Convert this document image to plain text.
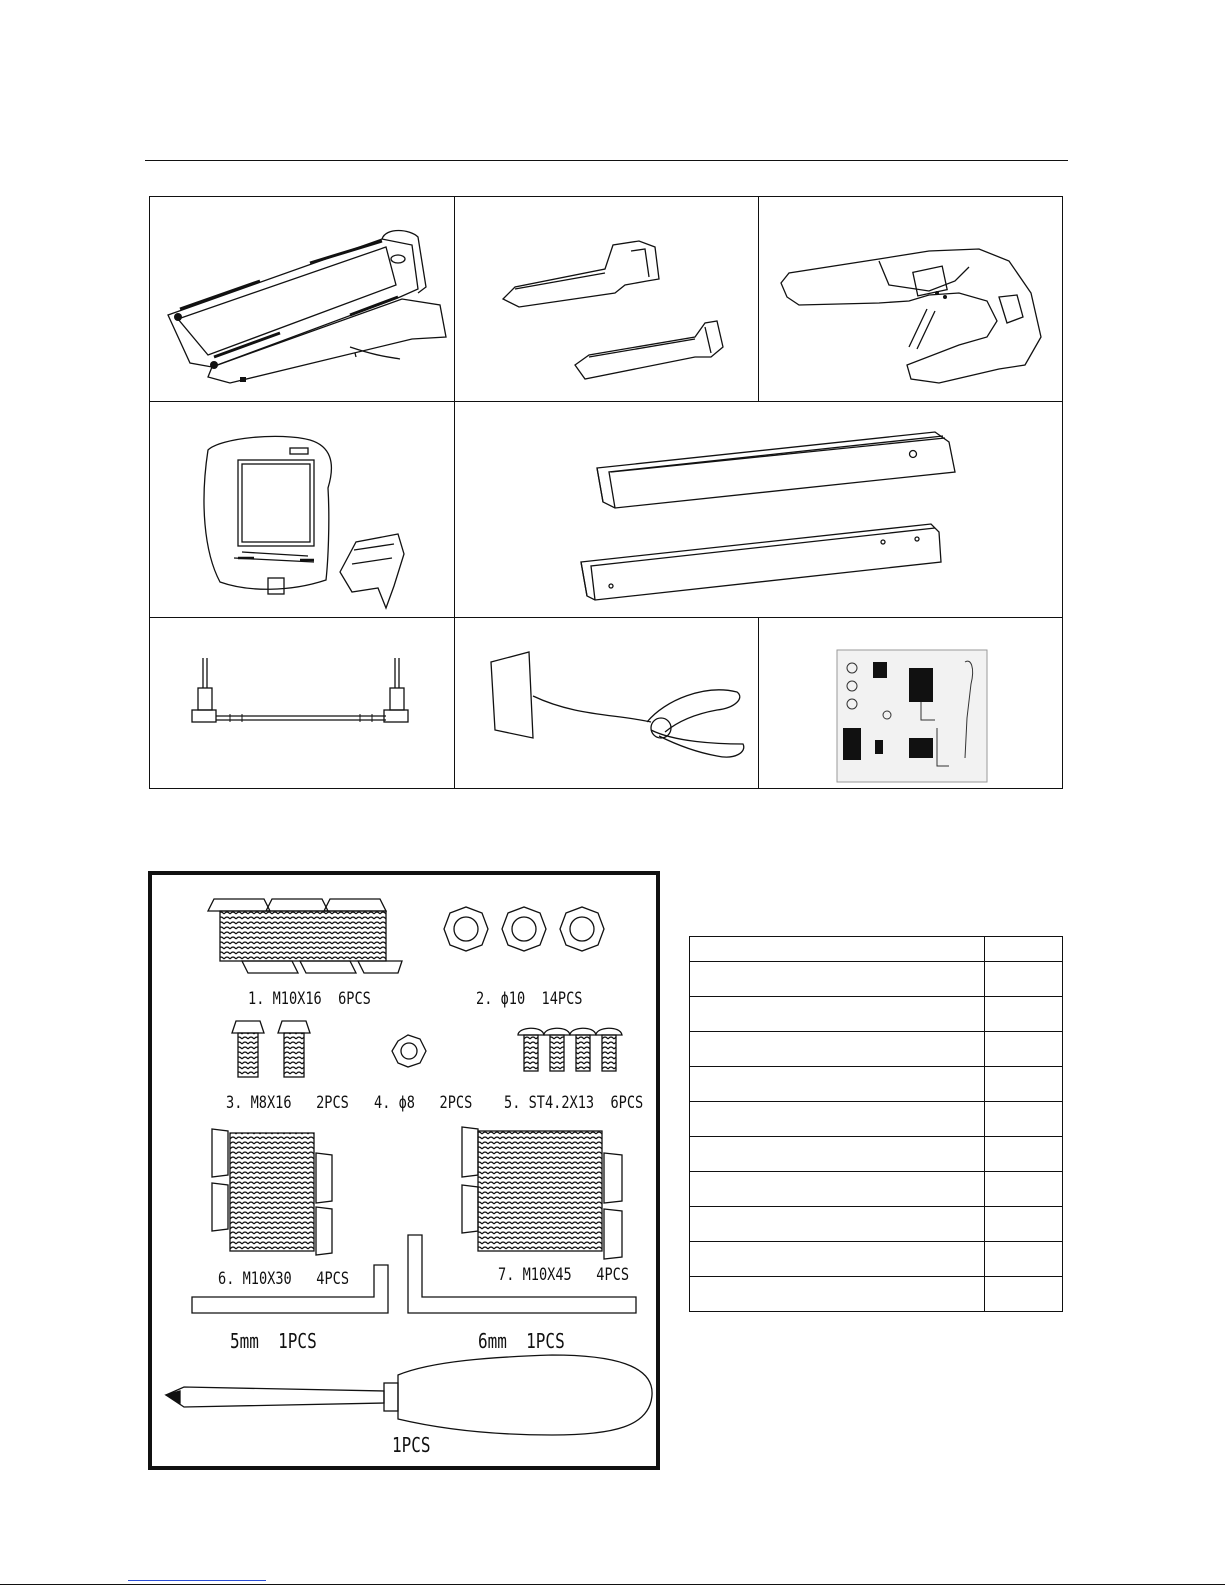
1. M10X16  6PCS	2. ϕ10  14PCS
3. M8X16   2PCS 4. ϕ8   2PCS 5. ST4.2X13  6PCS
6. M10X30   4PCS	7. M10X45   4PCS
5mm  1PCS	6mm  1PCS
1PCS
